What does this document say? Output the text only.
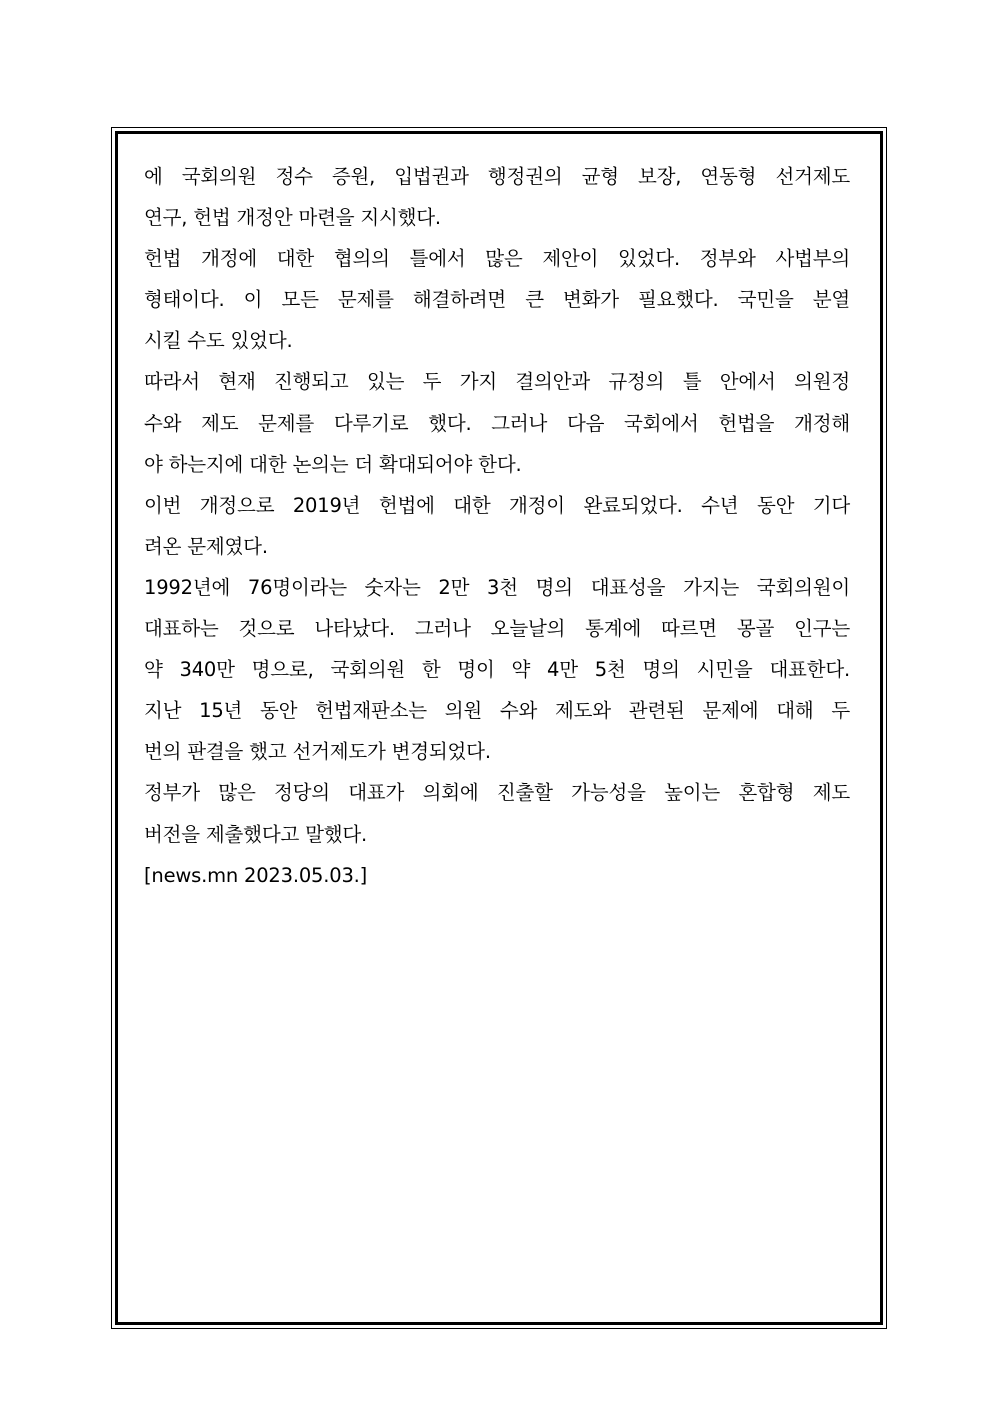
에 국회의원 정수 증원, 입법권과 행정권의 균형 보장, 연동형 선거제도
연구, 헌법 개정안 마련을 지시했다.
헌법 개정에 대한 협의의 틀에서 많은 제안이 있었다. 정부와 사법부의
형태이다. 이 모든 문제를 해결하려면 큰 변화가 필요했다. 국민을 분열
시킬 수도 있었다.
따라서 현재 진행되고 있는 두 가지 결의안과 규정의 틀 안에서 의원정
수와 제도 문제를 다루기로 했다. 그러나 다음 국회에서 헌법을 개정해
야 하는지에 대한 논의는 더 확대되어야 한다.
이번 개정으로 2019년 헌법에 대한 개정이 완료되었다. 수년 동안 기다
려온 문제였다.
1992년에 76명이라는 숫자는 2만 3천 명의 대표성을 가지는 국회의원이
대표하는 것으로 나타났다. 그러나 오늘날의 통계에 따르면 몽골 인구는
약 340만 명으로, 국회의원 한 명이 약 4만 5천 명의 시민을 대표한다.
지난 15년 동안 헌법재판소는 의원 수와 제도와 관련된 문제에 대해 두
번의 판결을 했고 선거제도가 변경되었다.
정부가 많은 정당의 대표가 의회에 진출할 가능성을 높이는 혼합형 제도
버전을 제출했다고 말했다.
[news.mn 2023.05.03.]
